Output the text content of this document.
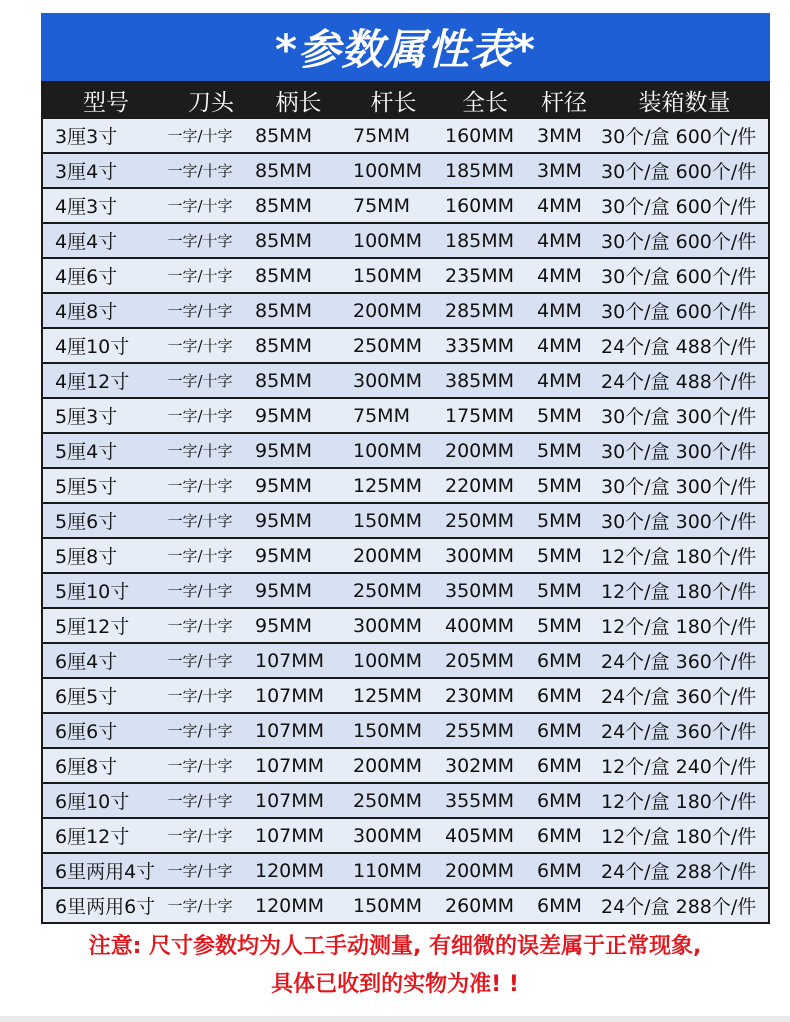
*参数属性表*
型号	刀头	柄长	杆长	全长	杆径	装箱数量
3厘3寸	一字/十字	85MM	75MM	160MM	3MM	30个/盒 600个/件
3厘4寸	一字/十字	85MM	100MM	185MM	3MM	30个/盒 600个/件
4厘3寸	一字/十字	85MM	75MM	160MM	4MM	30个/盒 600个/件
4厘4寸	一字/十字	85MM	100MM	185MM	4MM	30个/盒 600个/件
4厘6寸	一字/十字	85MM	150MM	235MM	4MM	30个/盒 600个/件
4厘8寸	一字/十字	85MM	200MM	285MM	4MM	30个/盒 600个/件
4厘10寸	一字/十字	85MM	250MM	335MM	4MM	24个/盒 488个/件
4厘12寸	一字/十字	85MM	300MM	385MM	4MM	24个/盒 488个/件
5厘3寸	一字/十字	95MM	75MM	175MM	5MM	30个/盒 300个/件
5厘4寸	一字/十字	95MM	100MM	200MM	5MM	30个/盒 300个/件
5厘5寸	一字/十字	95MM	125MM	220MM	5MM	30个/盒 300个/件
5厘6寸	一字/十字	95MM	150MM	250MM	5MM	30个/盒 300个/件
5厘8寸	一字/十字	95MM	200MM	300MM	5MM	12个/盒 180个/件
5厘10寸	一字/十字	95MM	250MM	350MM	5MM	12个/盒 180个/件
5厘12寸	一字/十字	95MM	300MM	400MM	5MM	12个/盒 180个/件
6厘4寸	一字/十字	107MM	100MM	205MM	6MM	24个/盒 360个/件
6厘5寸	一字/十字	107MM	125MM	230MM	6MM	24个/盒 360个/件
6厘6寸	一字/十字	107MM	150MM	255MM	6MM	24个/盒 360个/件
6厘8寸	一字/十字	107MM	200MM	302MM	6MM	12个/盒 240个/件
6厘10寸	一字/十字	107MM	250MM	355MM	6MM	12个/盒 180个/件
6厘12寸	一字/十字	107MM	300MM	405MM	6MM	12个/盒 180个/件
6里两用4寸 一字/十字	120MM	110MM	200MM	6MM	24个/盒 288个/件
6里两用6寸 一字/十字	120MM	150MM	260MM	6MM	24个/盒 288个/件
注意: 尺寸参数均为人工手动测量, 有细微的误差属于正常现象,
具体已收到的实物为准! !
